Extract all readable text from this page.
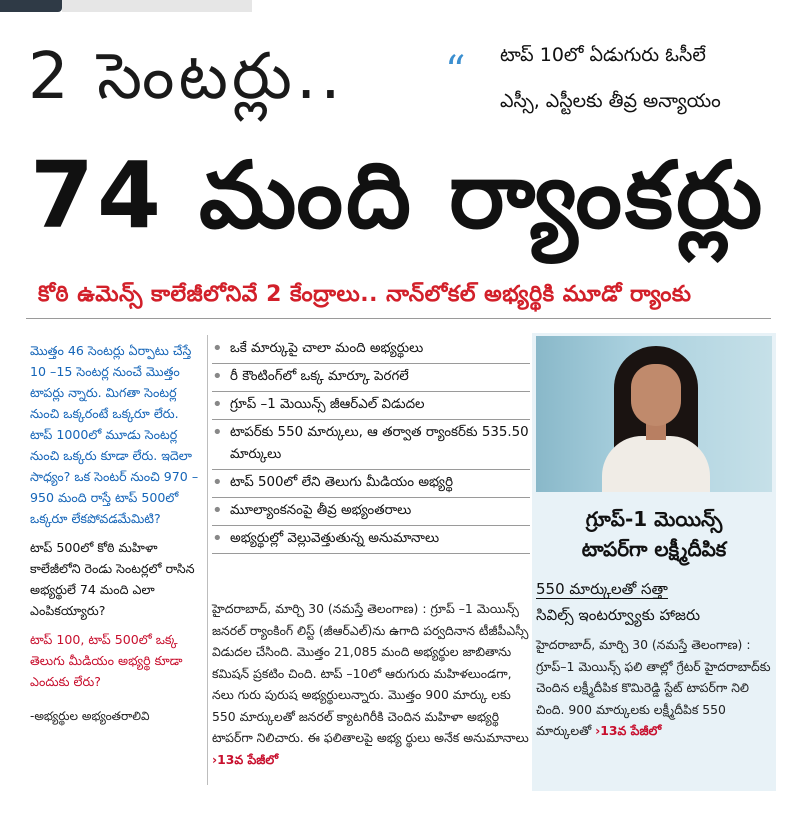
2 సెంటర్లు..
74 మంది ర్యాంకర్లు
“ టాప్ 10లో ఏడుగురు ఓసీలే
ఎస్సీ, ఎస్టీలకు తీవ్ర అన్యాయం
కోఠి ఉమెన్స్ కాలేజీలోనివే 2 కేంద్రాలు.. నాన్‌లోకల్ అభ్యర్థికి మూడో ర్యాంకు

మొత్తం 46 సెంటర్లు ఏర్పాటు చేస్తే 10 –15 సెంటర్ల నుంచే మొత్తం టాపర్లు న్నారు. మిగతా సెంటర్ల నుంచి ఒక్కరంటే ఒక్కరూ లేరు. టాప్ 1000లో మూడు సెంటర్ల నుంచి ఒక్కరు కూడా లేరు. ఇదెలా సాధ్యం? ఒక సెంటర్ నుంచి 970 –950 మంది రాస్తే టాప్ 500లో ఒక్కరూ లేకపోవడమేమిటి?

టాప్ 500లో కోఠి మహిళా కాలేజీలోని రెండు సెంటర్లలో రాసిన అభ్యర్థులే 74 మంది ఎలా ఎంపికయ్యారు?

టాప్ 100, టాప్ 500లో ఒక్క తెలుగు మీడియం అభ్యర్థి కూడా ఎందుకు లేరు?

-అభ్యర్థుల అభ్యంతరాలివి

• ఒకే మార్కుపై చాలా మంది అభ్యర్థులు
• రీ కౌంటింగ్‌లో ఒక్క మార్కూ పెరగలే
• గ్రూప్ –1 మెయిన్స్ జీఆర్ఎల్ విడుదల
• టాపర్‌కు 550 మార్కులు, ఆ తర్వాత ర్యాంకర్‌కు 535.50 మార్కులు
• టాప్ 500లో లేని తెలుగు మీడియం అభ్యర్థి
• మూల్యాంకనంపై తీవ్ర అభ్యంతరాలు
• అభ్యర్థుల్లో వెల్లువెత్తుతున్న అనుమానాలు
హైదరాబాద్, మార్చి 30 (నమస్తే తెలంగాణ) : గ్రూప్ –1 మెయిన్స్ జనరల్ ర్యాంకింగ్ లిస్ట్ (జీఆర్ఎల్)ను ఉగాది పర్వదినాన టీజీపీఎస్సీ విడుదల చేసింది. మొత్తం 21,085 మంది అభ్యర్థుల జాబితాను కమిషన్ ప్రకటిం చింది. టాప్ –10లో ఆరుగురు మహిళలుండగా, నలు గురు పురుష అభ్యర్థులున్నారు. మొత్తం 900 మార్కు లకు 550 మార్కులతో జనరల్ క్యాటగిరీకి చెందిన మహిళా అభ్యర్థి టాపర్‌గా నిలిచారు. ఈ ఫలితాలపై అభ్య ర్థులు అనేక అనుమానాలు ›13వ పేజీలో
గ్రూప్-1 మెయిన్స్
టాపర్‌గా లక్ష్మీదీపిక
550 మార్కులతో సత్తా
సివిల్స్ ఇంటర్వ్యూకు హాజరు
హైదరాబాద్, మార్చి 30 (నమస్తే తెలంగాణ) : గ్రూప్–1 మెయిన్స్ ఫలి తాల్లో గ్రేటర్ హైదరాబాద్‌కు చెందిన లక్ష్మీదీపిక కొమిరెడ్డి స్టేట్ టాపర్‌గా నిలి చింది. 900 మార్కులకు లక్ష్మీదీపిక 550 మార్కులతో ›13వ పేజీలో
